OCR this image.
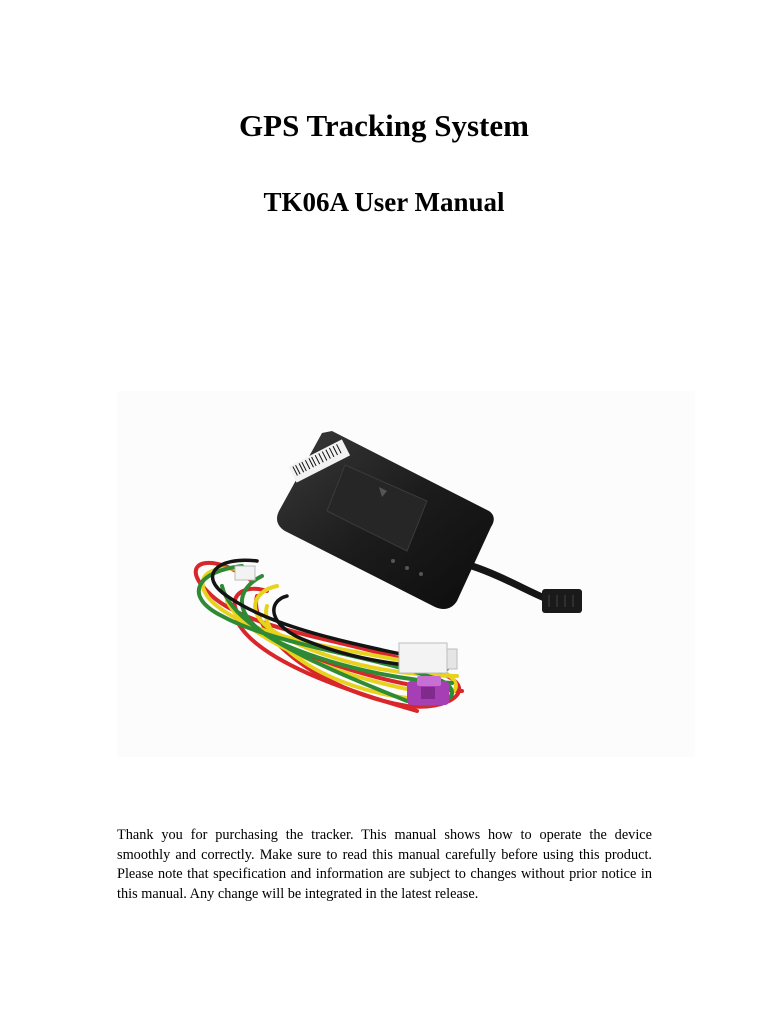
GPS Tracking System
TK06A User Manual

Thank you for purchasing the tracker. This manual shows how to operate the device smoothly and correctly. Make sure to read this manual carefully before using this product. Please note that specification and information are subject to changes without prior notice in this manual. Any change will be integrated in the latest release.
